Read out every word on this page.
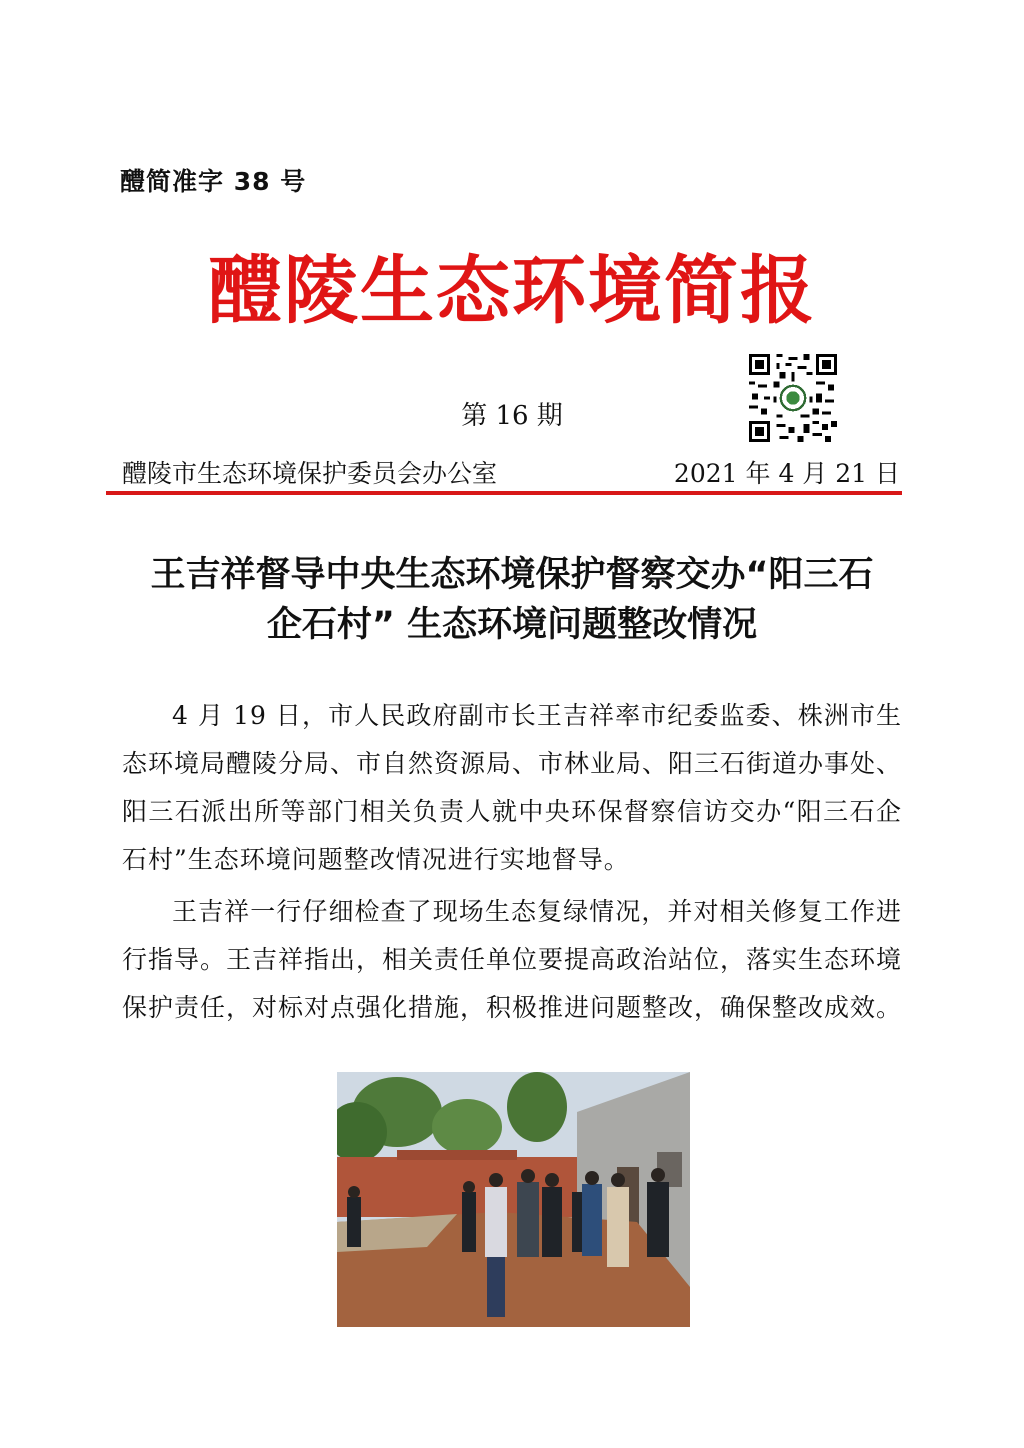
醴简准字 38 号
醴陵生态环境简报
第 16 期
醴陵市生态环境保护委员会办公室	2021 年 4 月 21 日
王吉祥督导中央生态环境保护督察交办“阳三石
企石村” 生态环境问题整改情况

4 月 19 日，市人民政府副市长王吉祥率市纪委监委、株洲市生态环境局醴陵分局、市自然资源局、市林业局、阳三石街道办事处、阳三石派出所等部门相关负责人就中央环保督察信访交办“阳三石企石村”生态环境问题整改情况进行实地督导。

王吉祥一行仔细检查了现场生态复绿情况，并对相关修复工作进行指导。王吉祥指出，相关责任单位要提高政治站位，落实生态环境保护责任，对标对点强化措施，积极推进问题整改，确保整改成效。
